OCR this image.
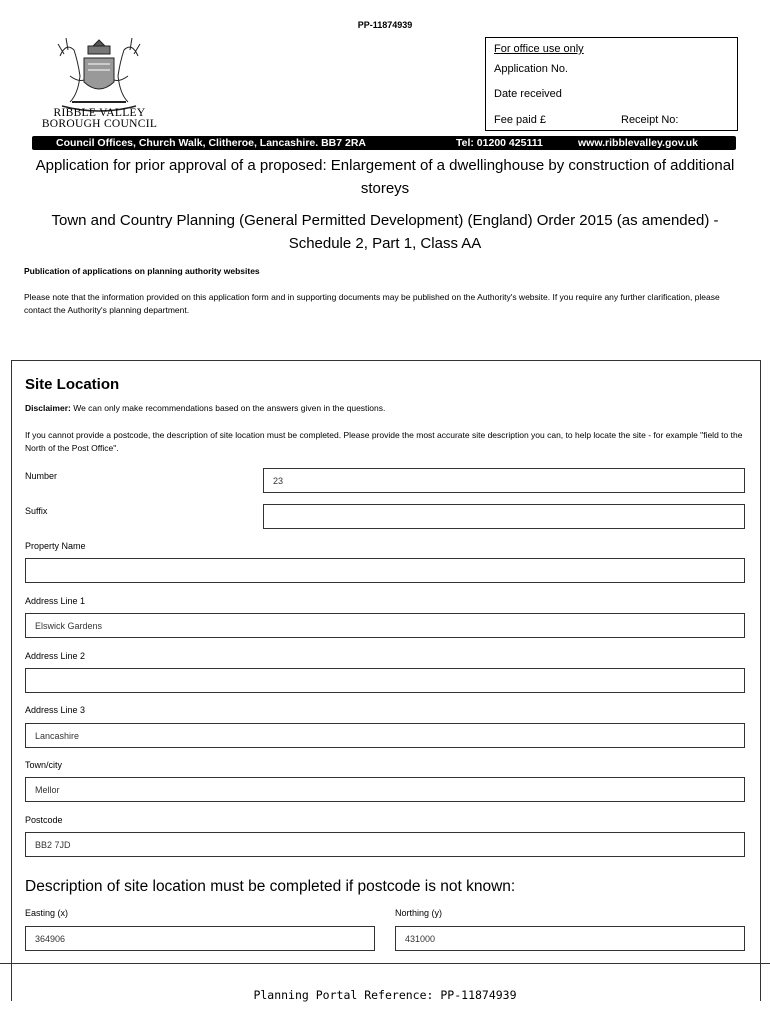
PP-11874939
RIBBLE VALLEY
BOROUGH COUNCIL
For office use only
Application No.
Date received
Fee paid £	Receipt No:
Council Offices, Church Walk, Clitheroe, Lancashire. BB7 2RA	Tel: 01200 425111	www.ribblevalley.gov.uk
Application for prior approval of a proposed: Enlargement of a dwellinghouse by construction of additional storeys
Town and Country Planning (General Permitted Development) (England) Order 2015 (as amended) - Schedule 2, Part 1, Class AA
Publication of applications on planning authority websites
Please note that the information provided on this application form and in supporting documents may be published on the Authority's website. If you require any further clarification, please contact the Authority's planning department.
Site Location
Disclaimer: We can only make recommendations based on the answers given in the questions.
If you cannot provide a postcode, the description of site location must be completed. Please provide the most accurate site description you can, to help locate the site - for example "field to the North of the Post Office".
Number	23
Suffix
Property Name
Address Line 1
Elswick Gardens
Address Line 2
Address Line 3
Lancashire
Town/city
Mellor
Postcode
BB2 7JD
Description of site location must be completed if postcode is not known:
Easting (x)
364906
Northing (y)
431000
Planning Portal Reference: PP-11874939
